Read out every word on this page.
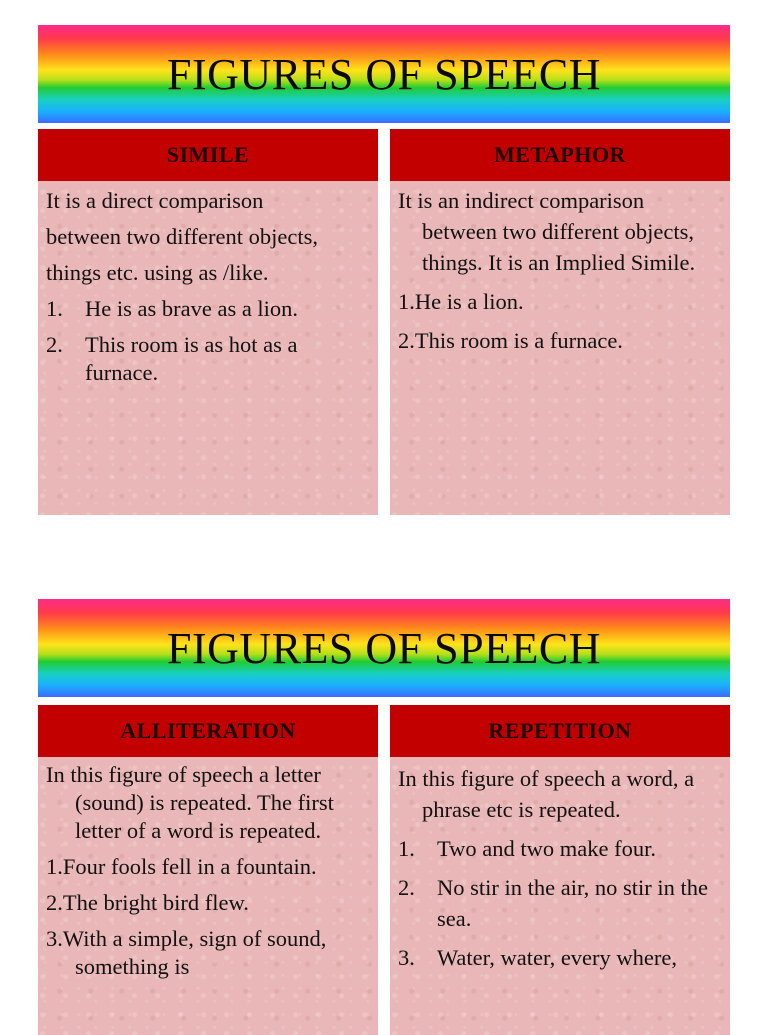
FIGURES OF SPEECH
SIMILE

It is a direct comparison

between two different objects,

things etc. using as /like.

1. He is as brave as a lion.
2. This room is as hot as a furnace.
METAPHOR

It is an indirect comparison between two different objects, things. It is an Implied Simile.

1.He is a lion.

2.This room is a furnace.

FIGURES OF SPEECH
ALLITERATION

In this figure of speech a letter (sound) is repeated. The first letter of a word is repeated.

1.Four fools fell in a fountain.

2.The bright bird flew.

3.With a simple, sign of sound, something is

REPETITION

In this figure of speech a word, a phrase etc is repeated.

1. Two and two make four.
2. No stir in the air, no stir in the sea.
3. Water, water, every where,
